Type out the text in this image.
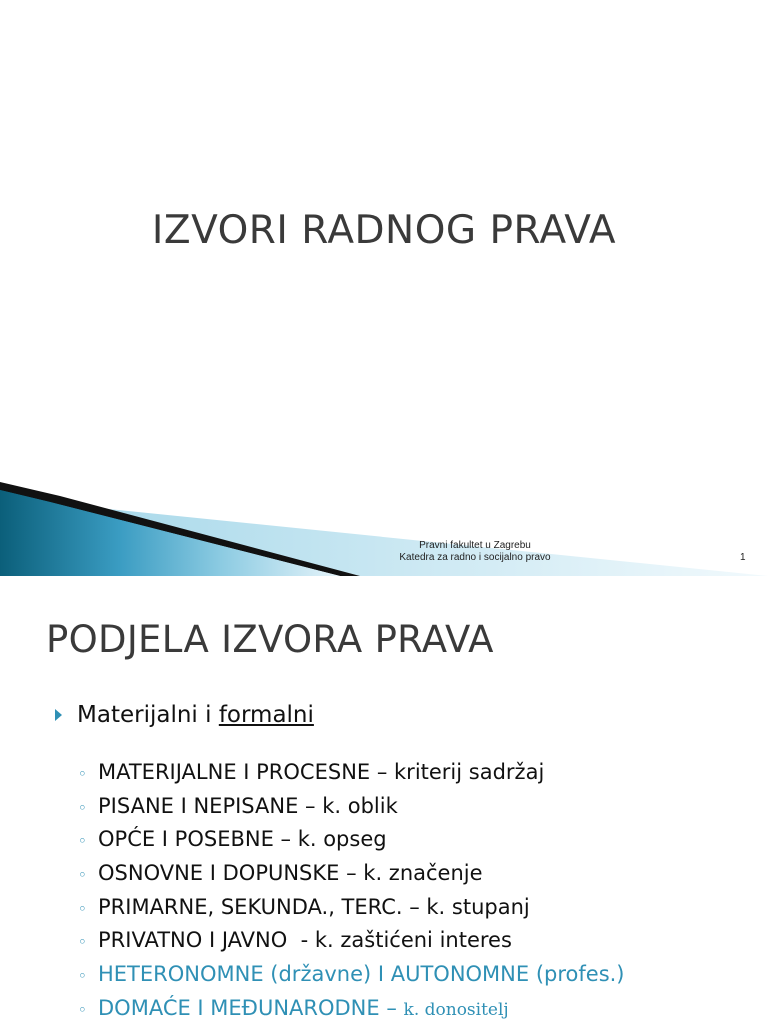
IZVORI RADNOG PRAVA
Pravni fakultet u Zagrebu
Katedra za radno i socijalno pravo	1
PODJELA IZVORA PRAVA
Materijalni i formalni
◦ MATERIJALNE I PROCESNE – kriterij sadržaj
◦ PISANE I NEPISANE – k. oblik
◦ OPĆE I POSEBNE – k. opseg
◦ OSNOVNE I DOPUNSKE – k. značenje
◦ PRIMARNE, SEKUNDA., TERC. – k. stupanj
◦ PRIVATNO I JAVNO  - k. zaštićeni interes
◦ HETERONOMNE (državne) I AUTONOMNE (profes.)
◦ DOMAĆE I MEĐUNARODNE – k. donositelj
